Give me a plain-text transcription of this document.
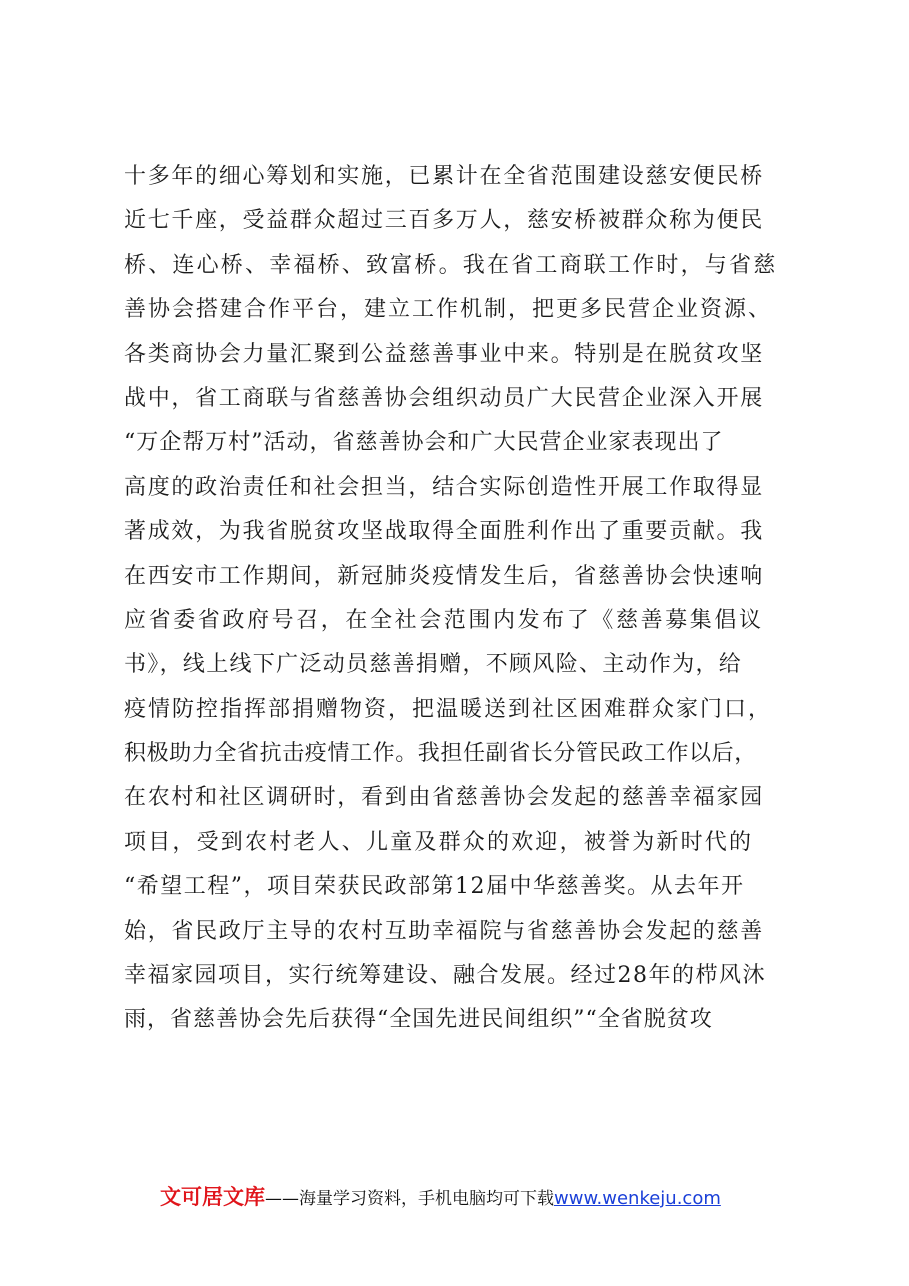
十多年的细心筹划和实施，已累计在全省范围建设慈安便民桥
近七千座，受益群众超过三百多万人，慈安桥被群众称为便民
桥、连心桥、幸福桥、致富桥。我在省工商联工作时，与省慈
善协会搭建合作平台，建立工作机制，把更多民营企业资源、
各类商协会力量汇聚到公益慈善事业中来。特别是在脱贫攻坚
战中，省工商联与省慈善协会组织动员广大民营企业深入开展
“万企帮万村”活动，省慈善协会和广大民营企业家表现出了
高度的政治责任和社会担当，结合实际创造性开展工作取得显
著成效，为我省脱贫攻坚战取得全面胜利作出了重要贡献。我
在西安市工作期间，新冠肺炎疫情发生后，省慈善协会快速响
应省委省政府号召，在全社会范围内发布了《慈善募集倡议
书》，线上线下广泛动员慈善捐赠，不顾风险、主动作为，给
疫情防控指挥部捐赠物资，把温暖送到社区困难群众家门口，
积极助力全省抗击疫情工作。我担任副省长分管民政工作以后，
在农村和社区调研时，看到由省慈善协会发起的慈善幸福家园
项目，受到农村老人、儿童及群众的欢迎，被誉为新时代的
“希望工程”，项目荣获民政部第12届中华慈善奖。从去年开
始，省民政厅主导的农村互助幸福院与省慈善协会发起的慈善
幸福家园项目，实行统筹建设、融合发展。经过28年的栉风沐
雨，省慈善协会先后获得“全国先进民间组织”“全省脱贫攻
文可居文库——海量学习资料，手机电脑均可下载www.wenkeju.com
